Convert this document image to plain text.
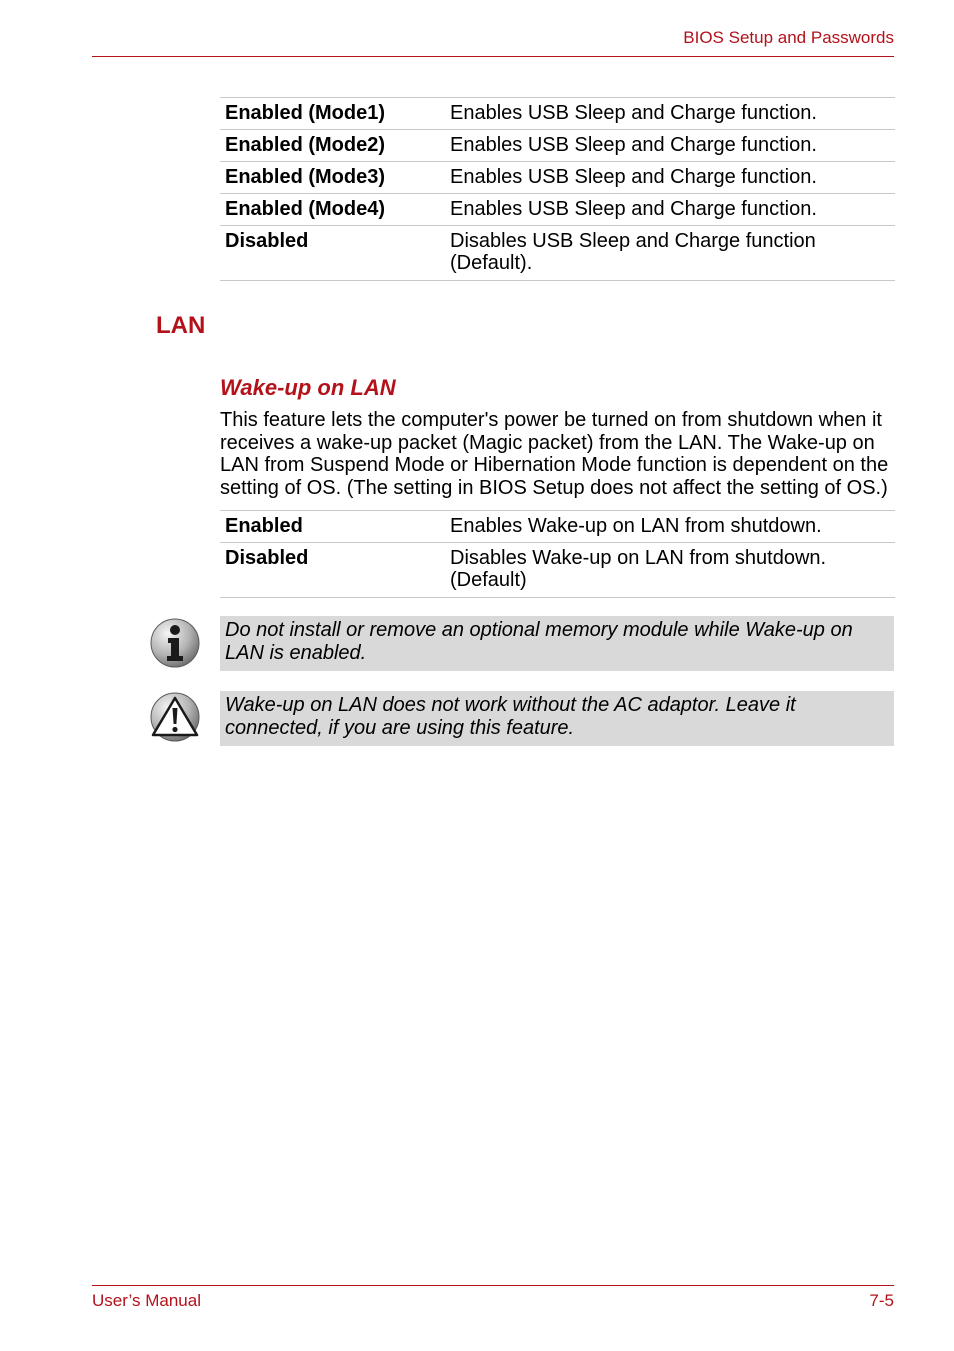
BIOS Setup and Passwords
Enabled (Mode1)	Enables USB Sleep and Charge function.
Enabled (Mode2)	Enables USB Sleep and Charge function.
Enabled (Mode3)	Enables USB Sleep and Charge function.
Enabled (Mode4)	Enables USB Sleep and Charge function.
Disabled	Disables USB Sleep and Charge function (Default).
LAN
Wake-up on LAN

This feature lets the computer's power be turned on from shutdown when it receives a wake-up packet (Magic packet) from the LAN. The Wake-up on LAN from Suspend Mode or Hibernation Mode function is dependent on the setting of OS. (The setting in BIOS Setup does not affect the setting of OS.)

Enabled	Enables Wake-up on LAN from shutdown.
Disabled	Disables Wake-up on LAN from shutdown. (Default)
Do not install or remove an optional memory module while Wake-up on LAN is enabled.
Wake-up on LAN does not work without the AC adaptor. Leave it connected, if you are using this feature.
User’s Manual	7-5
